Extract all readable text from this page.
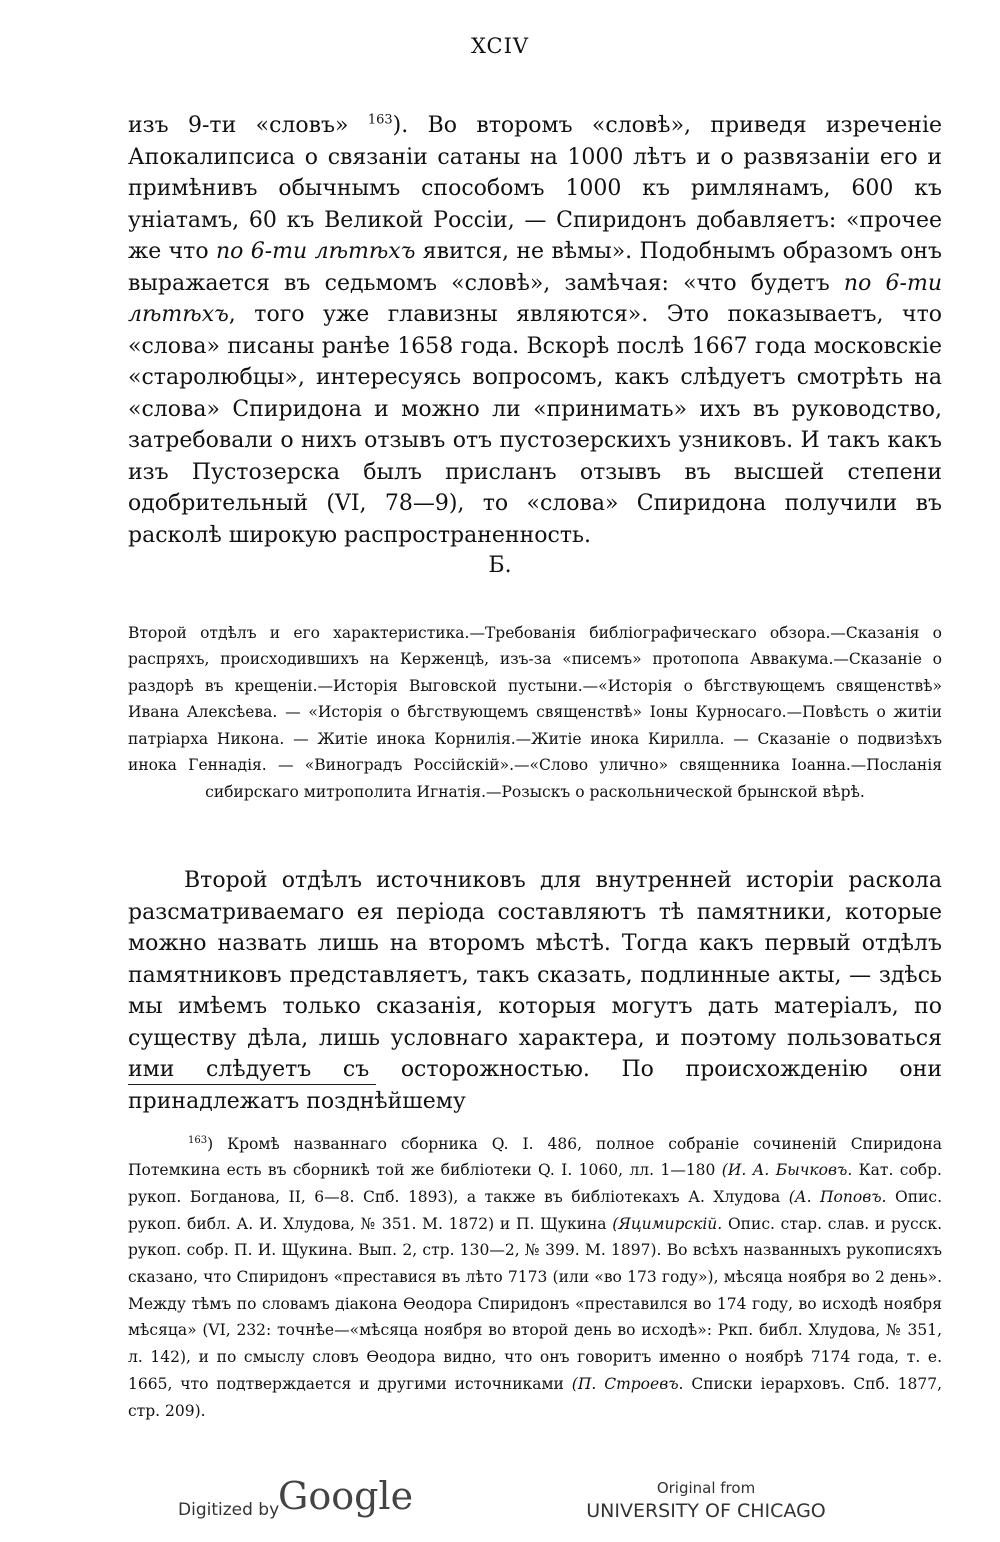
XCIV

изъ 9-ти «словъ» $^{163}$). Во второмъ «словѣ», приведя изреченіе Апокалипсиса о связаніи сатаны на 1000 лѣтъ и о развязаніи его и примѣнивъ обычнымъ способомъ 1000 къ римлянамъ, 600 къ уніатамъ, 60 къ Великой Россіи, — Спиридонъ добавляетъ: «прочее же что по 6-ти лѣтѣхъ явится, не вѣмы». Подобнымъ образомъ онъ выражается въ седьмомъ «словѣ», замѣчая: «что будетъ по 6-ти лѣтѣхъ, того уже главизны являются». Это показываетъ, что «слова» писаны ранѣе 1658 года. Вскорѣ послѣ 1667 года московскіе «старолюбцы», интересуясь вопросомъ, какъ слѣдуетъ смотрѣть на «слова» Спиридона и можно ли «принимать» ихъ въ руководство, затребовали о нихъ отзывъ отъ пустозерскихъ узниковъ. И такъ какъ изъ Пустозерска былъ присланъ отзывъ въ высшей степени одобрительный (VI, 78—9), то «слова» Спиридона получили въ расколѣ широкую распространенность.

Б.

Второй отдѣлъ и его характеристика.—Требованія библіографическаго обзора.—Сказанія о распряхъ, происходившихъ на Керженцѣ, изъ-за «писемъ» протопопа Аввакума.—Сказаніе о раздорѣ въ крещеніи.—Исторія Выговской пустыни.—«Исторія о бѣгствующемъ священствѣ» Ивана Алексѣева. — «Исторія о бѣгствующемъ священствѣ» Іоны Курносаго.—Повѣсть о житіи патріарха Никона. — Житіе инока Корнилія.—Житіе инока Кирилла. — Сказаніе о подвизѣхъ инока Геннадія. — «Виноградъ Россійскій».—«Слово улично» священника Іоанна.—Посланія сибирскаго митрополита Игнатія.—Розыскъ о раскольнической брынской вѣрѣ.

Второй отдѣлъ источниковъ для внутренней исторіи раскола разсматриваемаго ея періода составляютъ тѣ памятники, которые можно назвать лишь на второмъ мѣстѣ. Тогда какъ первый отдѣлъ памятниковъ представляетъ, такъ сказать, подлинные акты, — здѣсь мы имѣемъ только сказанія, которыя могутъ дать матеріалъ, по существу дѣла, лишь условнаго характера, и поэтому пользоваться ими слѣдуетъ съ осторожностью. По происхожденію они принадлежатъ позднѣйшему

$^{163}$) Кромѣ названнаго сборника Q. I. 486, полное собраніе сочиненій Спиридона Потемкина есть въ сборникѣ той же библіотеки Q. I. 1060, лл. 1—180 (И. А. Бычковъ. Кат. собр. рукоп. Богданова, II, 6—8. Спб. 1893), а также въ библіотекахъ А. Хлудова (А. Поповъ. Опис. рукоп. библ. А. И. Хлудова, № 351. М. 1872) и П. Щукина (Яцимирскій. Опис. стар. слав. и русск. рукоп. собр. П. И. Щукина. Вып. 2, стр. 130—2, № 399. М. 1897). Во всѣхъ названныхъ рукописяхъ сказано, что Спиридонъ «преставися въ лѣто 7173 (или «во 173 году»), мѣсяца ноября во 2 день». Между тѣмъ по словамъ діакона Ѳеодора Спиридонъ «преставился во 174 году, во исходѣ ноября мѣсяца» (VI, 232: точнѣе—«мѣсяца ноября во второй день во исходѣ»: Ркп. библ. Хлудова, № 351, л. 142), и по смыслу словъ Ѳеодора видно, что онъ говоритъ именно о ноябрѣ 7174 года, т. е. 1665, что подтверждается и другими источниками (П. Строевъ. Списки іерарховъ. Спб. 1877, стр. 209).

Digitized by
Google	Original from
UNIVERSITY OF CHICAGO
